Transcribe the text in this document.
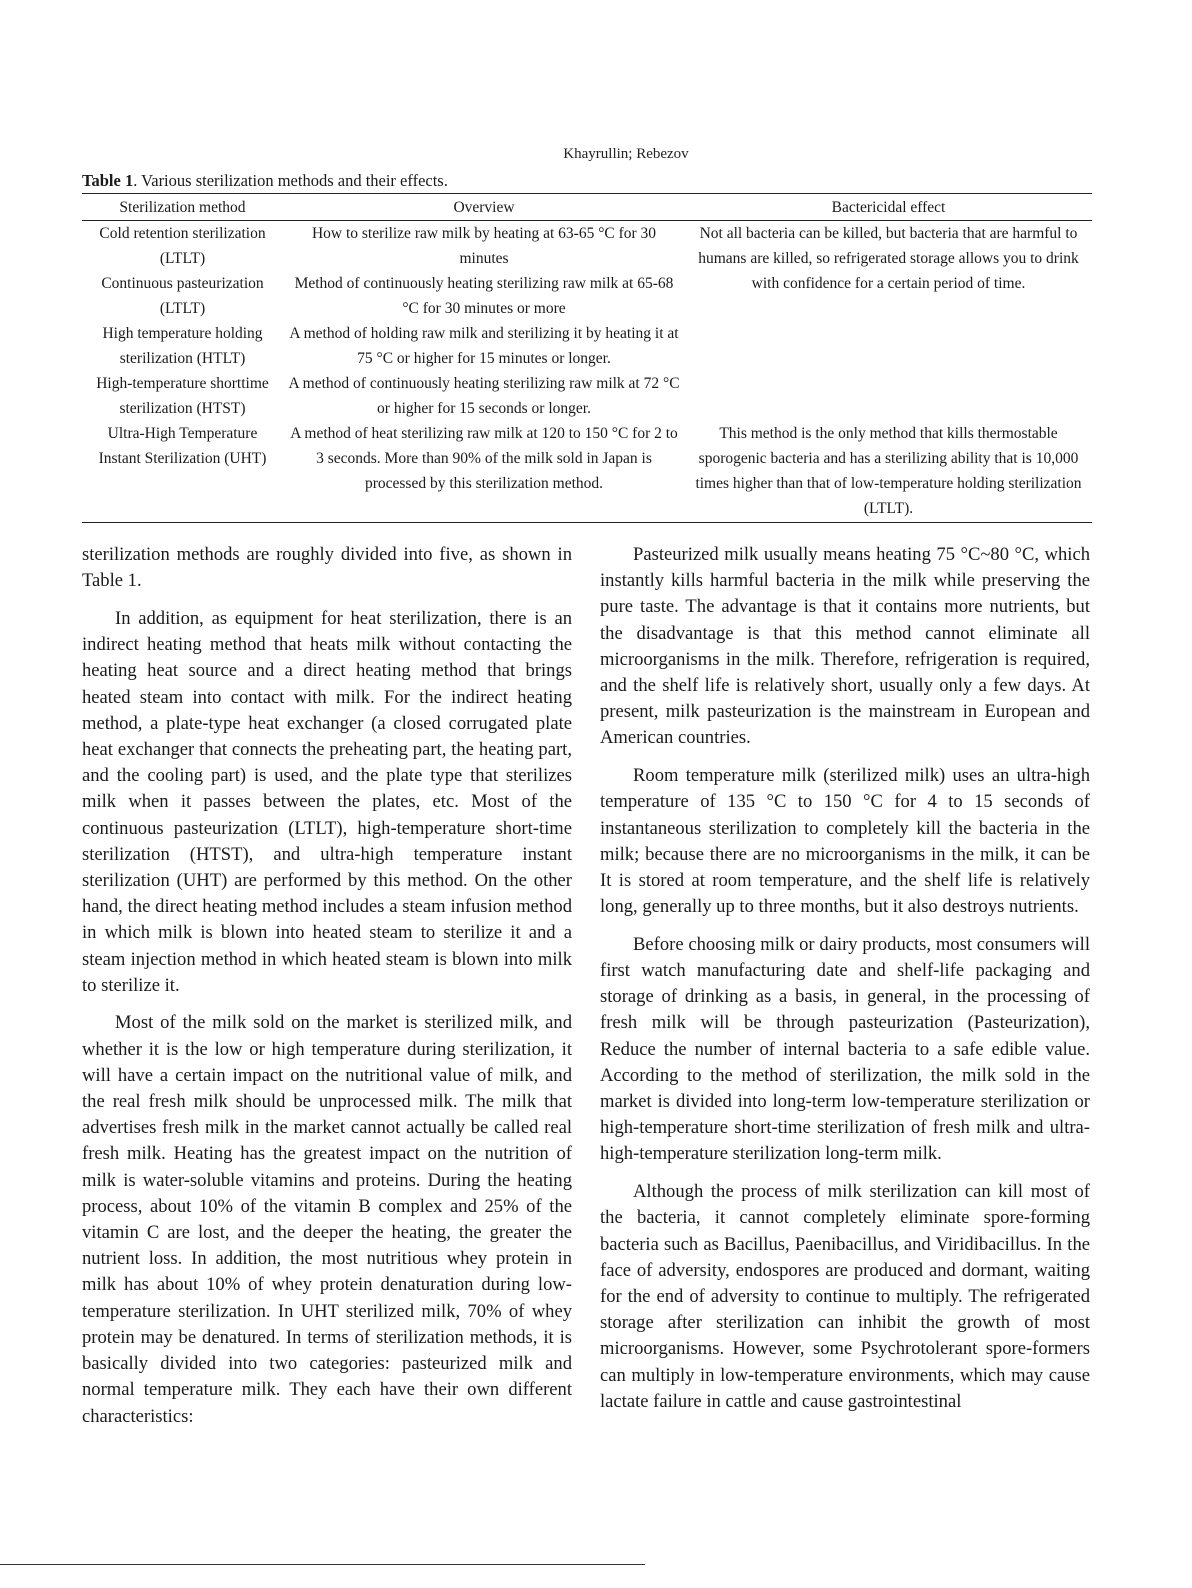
Khayrullin; Rebezov
Table 1. Various sterilization methods and their effects.
Sterilization method	Overview	Bactericidal effect
Cold retention sterilization (LTLT)	How to sterilize raw milk by heating at 63-65 °C for 30 minutes	Not all bacteria can be killed, but bacteria that are harmful to humans are killed, so refrigerated storage allows you to drink with confidence for a certain period of time.
Continuous pasteurization (LTLT)	Method of continuously heating sterilizing raw milk at 65-68 °C for 30 minutes or more	
High temperature holding sterilization (HTLT)	A method of holding raw milk and sterilizing it by heating it at 75 °C or higher for 15 minutes or longer.	
High-temperature shorttime sterilization (HTST)	A method of continuously heating sterilizing raw milk at 72 °C or higher for 15 seconds or longer.	
Ultra-High Temperature Instant Sterilization (UHT)	A method of heat sterilizing raw milk at 120 to 150 °C for 2 to 3 seconds. More than 90% of the milk sold in Japan is processed by this sterilization method.	This method is the only method that kills thermostable sporogenic bacteria and has a sterilizing ability that is 10,000 times higher than that of low-temperature holding sterilization (LTLT).

sterilization methods are roughly divided into five, as shown in Table 1.

In addition, as equipment for heat sterilization, there is an indirect heating method that heats milk without contacting the heating heat source and a direct heating method that brings heated steam into contact with milk. For the indirect heating method, a plate-type heat exchanger (a closed corrugated plate heat exchanger that connects the preheating part, the heating part, and the cooling part) is used, and the plate type that sterilizes milk when it passes between the plates, etc. Most of the continuous pasteurization (LTLT), high-temperature short-time sterilization (HTST), and ultra-high temperature instant sterilization (UHT) are performed by this method. On the other hand, the direct heating method includes a steam infusion method in which milk is blown into heated steam to sterilize it and a steam injection method in which heated steam is blown into milk to sterilize it.

Most of the milk sold on the market is sterilized milk, and whether it is the low or high temperature during sterilization, it will have a certain impact on the nutritional value of milk, and the real fresh milk should be unprocessed milk. The milk that advertises fresh milk in the market cannot actually be called real fresh milk. Heating has the greatest impact on the nutrition of milk is water-soluble vitamins and proteins. During the heating process, about 10% of the vitamin B complex and 25% of the vitamin C are lost, and the deeper the heating, the greater the nutrient loss. In addition, the most nutritious whey protein in milk has about 10% of whey protein denaturation during low-temperature sterilization. In UHT sterilized milk, 70% of whey protein may be denatured. In terms of sterilization methods, it is basically divided into two categories: pasteurized milk and normal temperature milk. They each have their own different characteristics:

Pasteurized milk usually means heating 75 °C~80 °C, which instantly kills harmful bacteria in the milk while preserving the pure taste. The advantage is that it contains more nutrients, but the disadvantage is that this method cannot eliminate all microorganisms in the milk. Therefore, refrigeration is required, and the shelf life is relatively short, usually only a few days. At present, milk pasteurization is the mainstream in European and American countries.

Room temperature milk (sterilized milk) uses an ultra-high temperature of 135 °C to 150 °C for 4 to 15 seconds of instantaneous sterilization to completely kill the bacteria in the milk; because there are no microorganisms in the milk, it can be It is stored at room temperature, and the shelf life is relatively long, generally up to three months, but it also destroys nutrients.

Before choosing milk or dairy products, most consumers will first watch manufacturing date and shelf-life packaging and storage of drinking as a basis, in general, in the processing of fresh milk will be through pasteurization (Pasteurization), Reduce the number of internal bacteria to a safe edible value. According to the method of sterilization, the milk sold in the market is divided into long-term low-temperature sterilization or high-temperature short-time sterilization of fresh milk and ultra-high-temperature sterilization long-term milk.

Although the process of milk sterilization can kill most of the bacteria, it cannot completely eliminate spore-forming bacteria such as Bacillus, Paenibacillus, and Viridibacillus. In the face of adversity, endospores are produced and dormant, waiting for the end of adversity to continue to multiply. The refrigerated storage after sterilization can inhibit the growth of most microorganisms. However, some Psychrotolerant spore-formers can multiply in low-temperature environments, which may cause lactate failure in cattle and cause gastrointestinal
